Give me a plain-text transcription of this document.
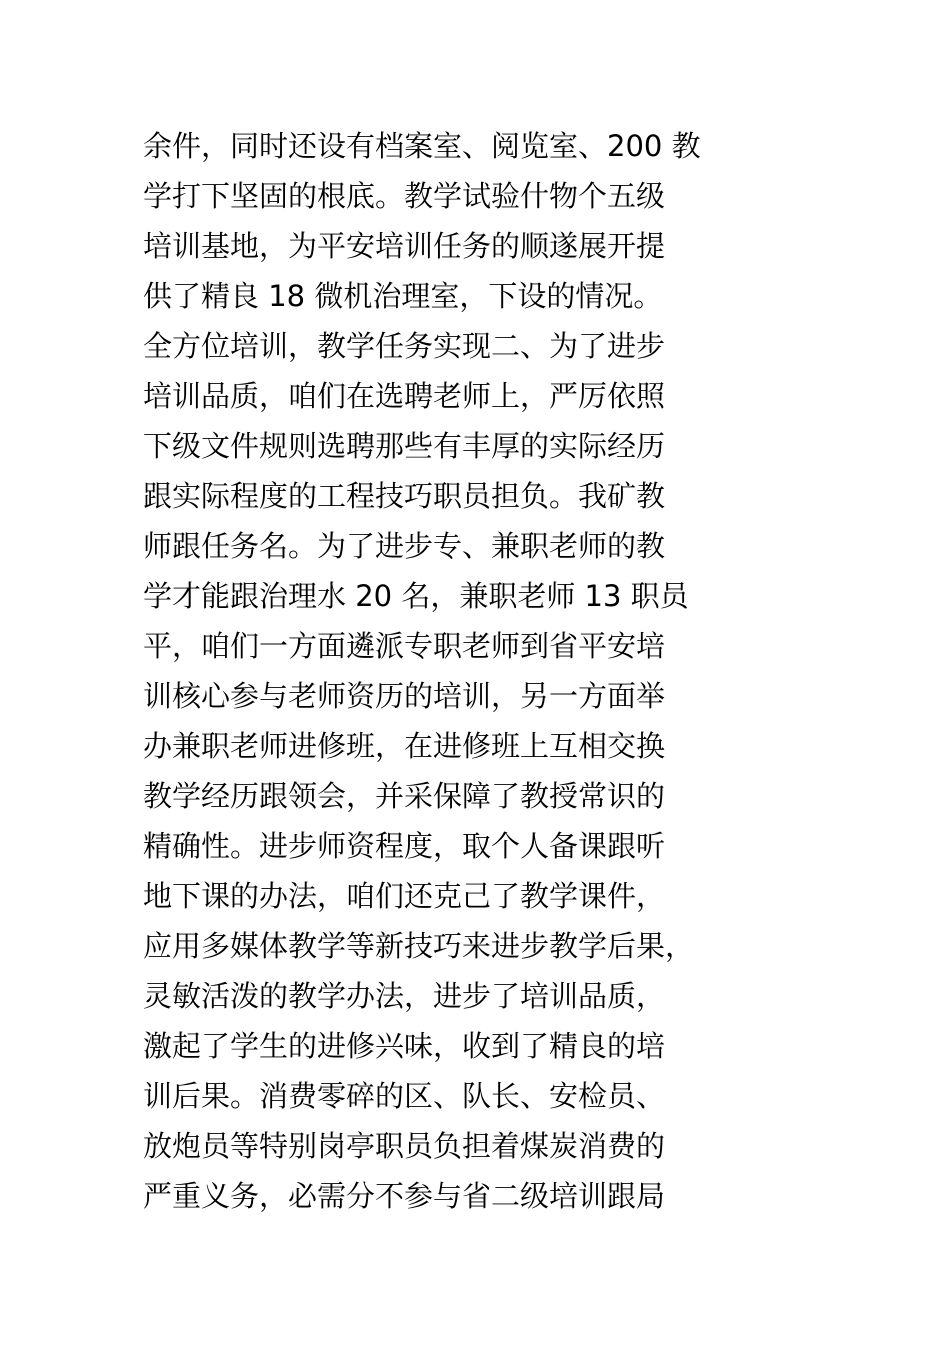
余件，同时还设有档案室、阅览室、200 教
学打下坚固的根底。教学试验什物个五级
培训基地，为平安培训任务的顺遂展开提
供了精良 18 微机治理室，下设的情况。
全方位培训，教学任务实现二、为了进步
培训品质，咱们在选聘老师上，严厉依照
下级文件规则选聘那些有丰厚的实际经历
跟实际程度的工程技巧职员担负。我矿教
师跟任务名。为了进步专、兼职老师的教
学才能跟治理水 20 名，兼职老师 13 职员
平，咱们一方面遴派专职老师到省平安培
训核心参与老师资历的培训，另一方面举
办兼职老师进修班，在进修班上互相交换
教学经历跟领会，并采保障了教授常识的
精确性。进步师资程度，取个人备课跟听
地下课的办法，咱们还克己了教学课件，
应用多媒体教学等新技巧来进步教学后果，
灵敏活泼的教学办法，进步了培训品质，
激起了学生的进修兴味，收到了精良的培
训后果。消费零碎的区、队长、安检员、
放炮员等特别岗亭职员负担着煤炭消费的
严重义务，必需分不参与省二级培训跟局
